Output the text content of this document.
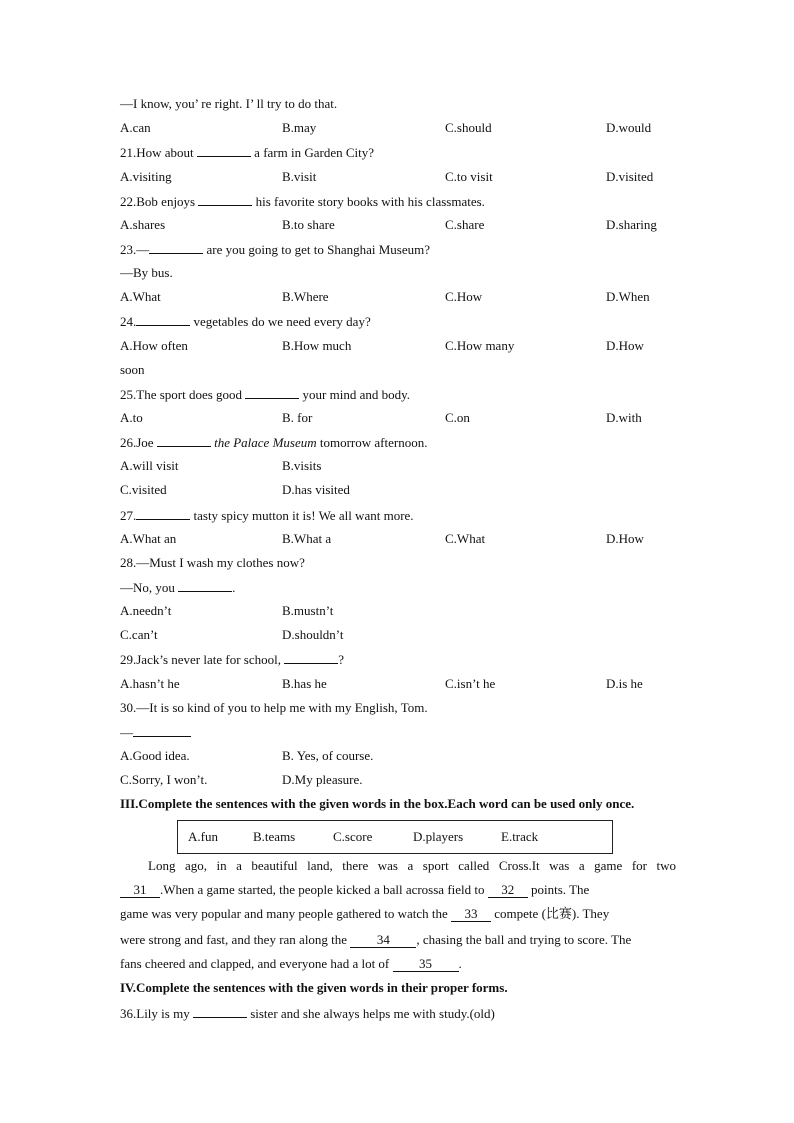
—I know, you’ re right. I’ ll try to do that.
A.can	B.may	C.should	D.would
21.How about	a farm in Garden City?
A.visiting	B.visit	C.to visit	D.visited
22.Bob enjoys	his favorite story books with his classmates.
A.shares	B.to share	C.share	D.sharing
23.—	are you going to get to Shanghai Museum?
—By bus.
A.What	B.Where	C.How	D.When
24.	vegetables do we need every day?
A.How often	B.How much	C.How many	D.How
soon
25.The sport does good	your mind and body.
A.to	B. for	C.on	D.with
26.Joe	the Palace Museum tomorrow afternoon.
A.will visit	B.visits
C.visited	D.has visited
27.	tasty spicy mutton it is! We all want more.
A.What an	B.What a	C.What	D.How
28.—Must I wash my clothes now?
—No, you	.
A.needn’t	B.mustn’t
C.can’t	D.shouldn’t
29.Jack’s never late for school,	?
A.hasn’t he	B.has he	C.isn’t he	D.is he
30.—It is so kind of you to help me with my English, Tom.
—
A.Good idea.	B. Yes, of course.
C.Sorry, I won’t.	D.My pleasure.
III.Complete the sentences with the given words in the box.Each word can be used only once.
A.fun	B.teams	C.score	D.players	E.track
Long ago, in a beautiful land, there was a sport called Cross.It was a game for two
31 .When a game started, the people kicked a ball acrossa field to 32 points. The
game was very popular and many people gathered to watch the 33 compete (比赛). They
were strong and fast, and they ran along the 34 , chasing the ball and trying to score. The
fans cheered and clapped, and everyone had a lot of 35 .
IV.Complete the sentences with the given words in their proper forms.
36.Lily is my	sister and she always helps me with study.(old)
